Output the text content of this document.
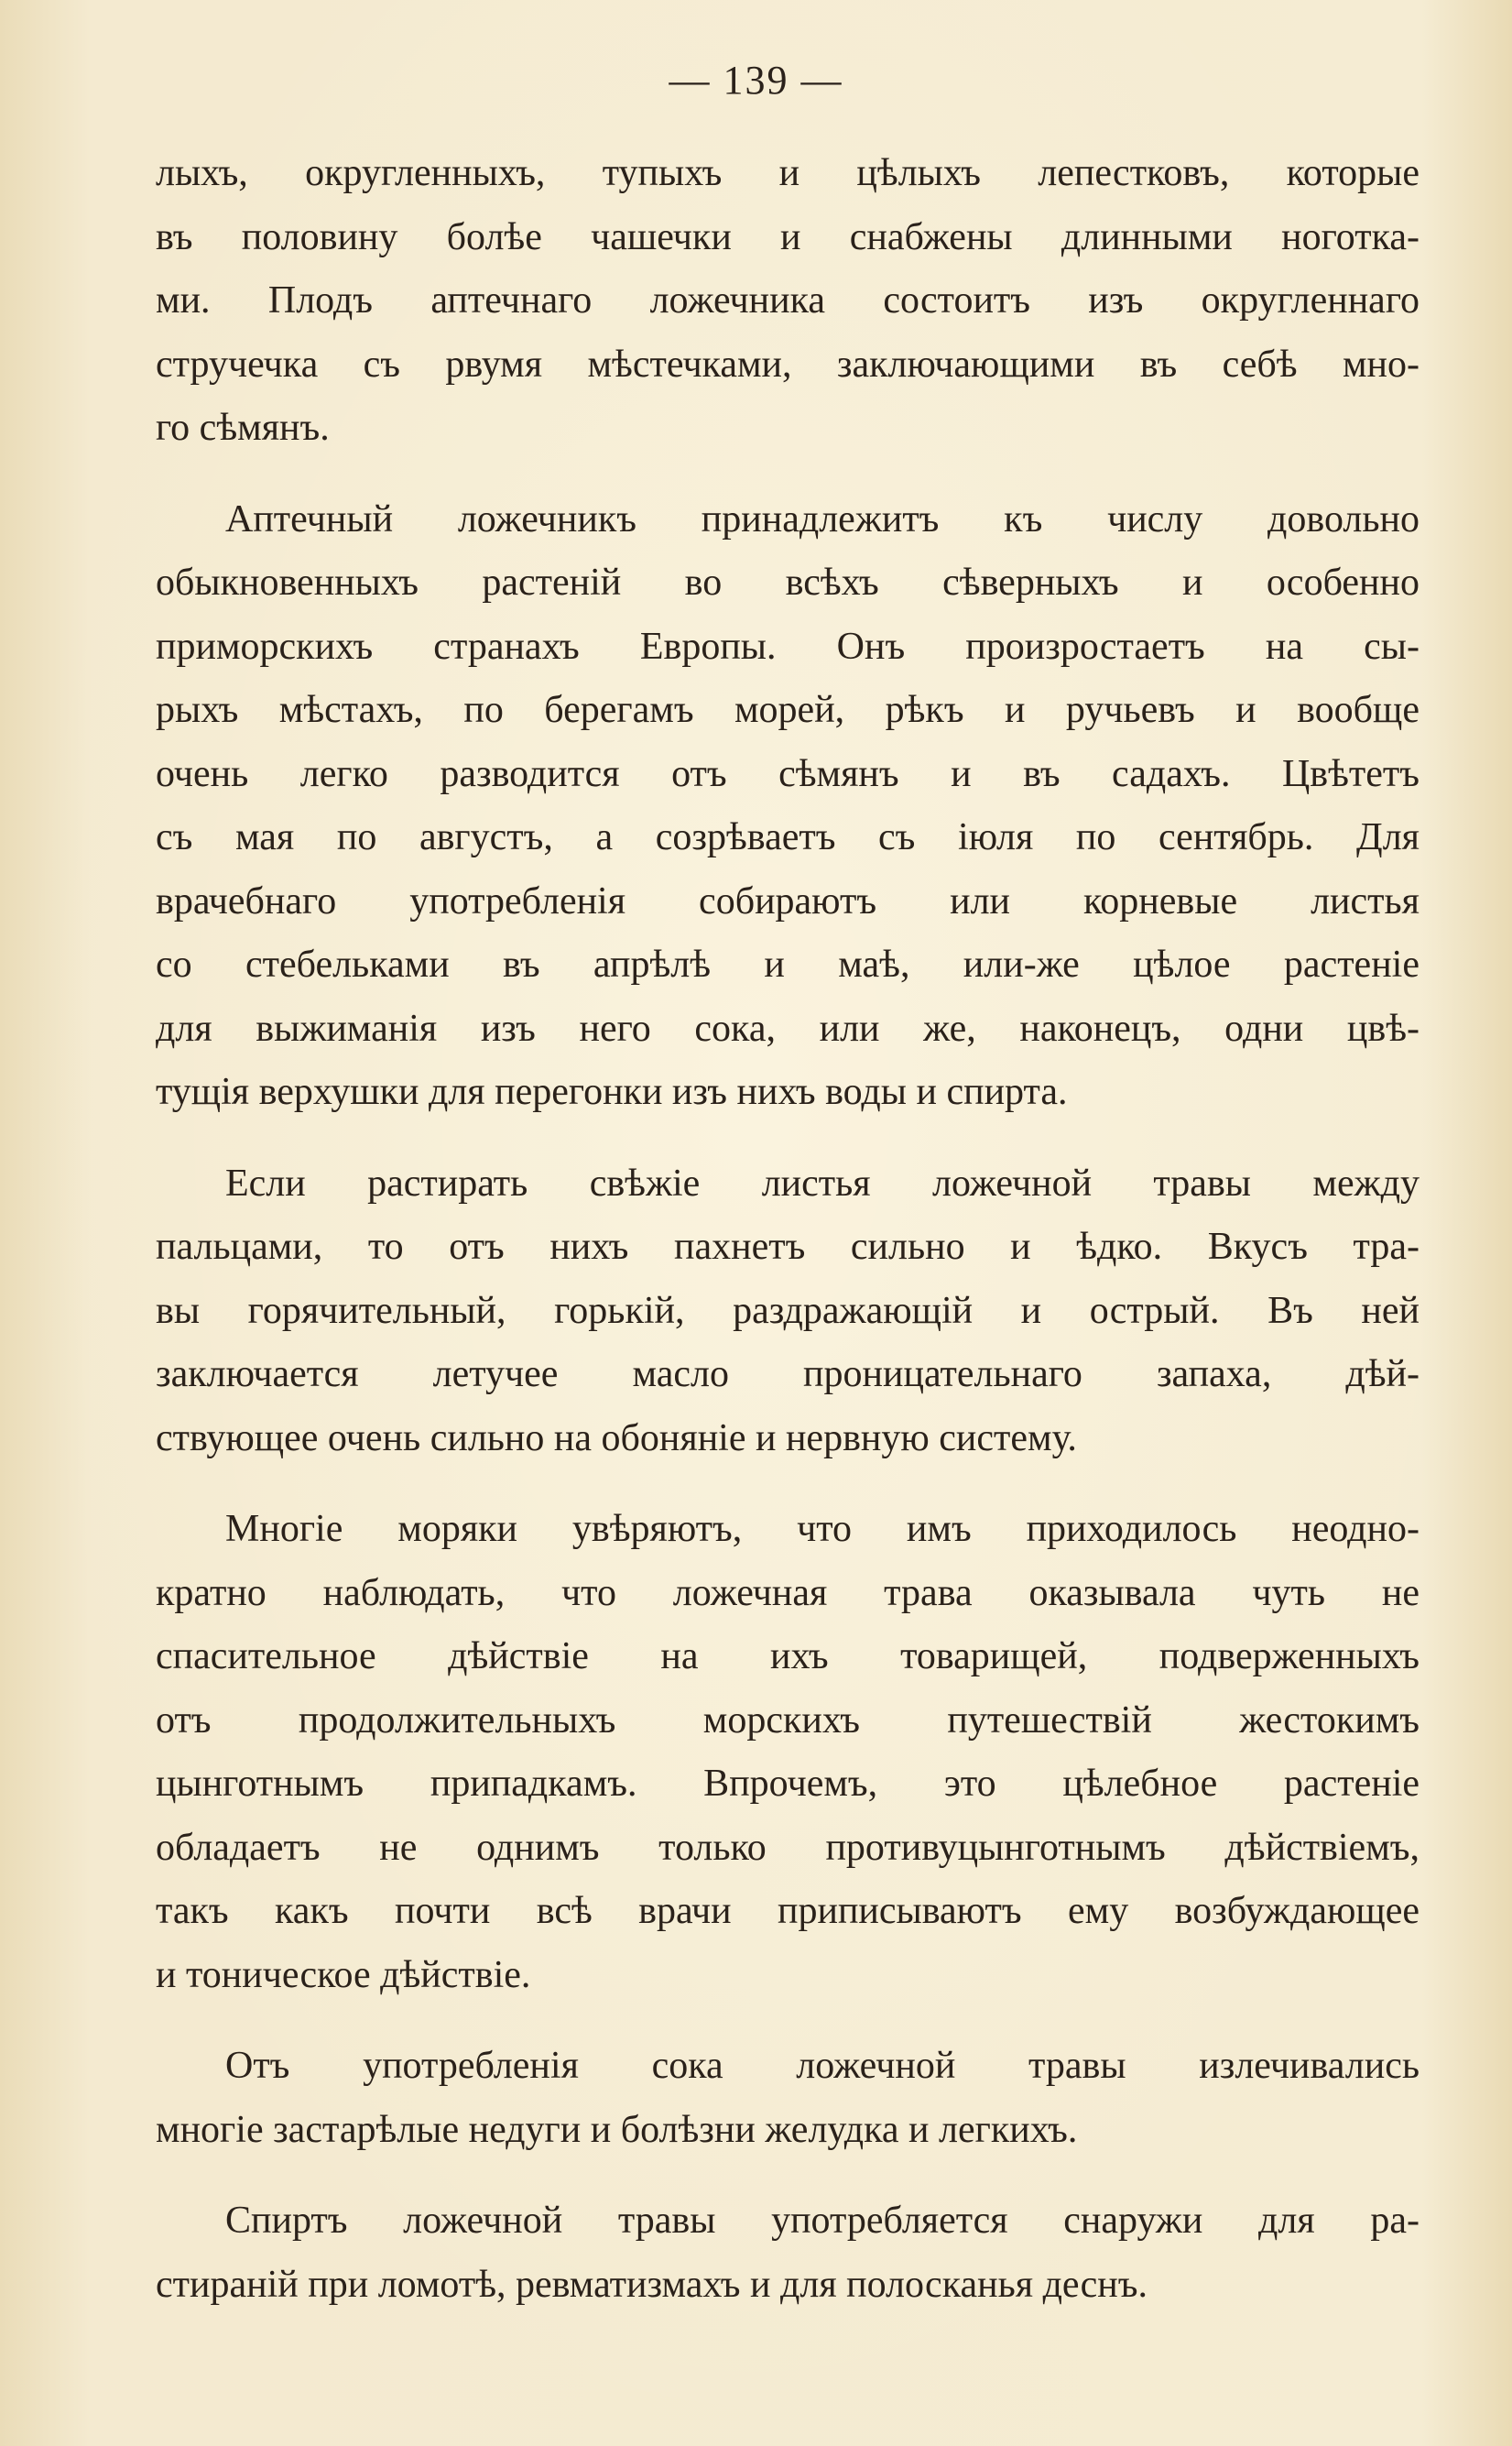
— 139 —
лыхъ, округленныхъ, тупыхъ и цѣлыхъ лепестковъ, которые
въ половину болѣе чашечки и снабжены длинными ноготка-
ми. Плодъ аптечнаго ложечника состоитъ изъ округленнаго
стручечка съ рвумя мѣстечками, заключающими въ себѣ мно-
го сѣмянъ.
Аптечный ложечникъ принадлежитъ къ числу довольно
обыкновенныхъ растенiй во всѣхъ сѣверныхъ и особенно
приморскихъ странахъ Европы. Онъ произростаетъ на сы-
рыхъ мѣстахъ, по берегамъ морей, рѣкъ и ручьевъ и вообще
очень легко разводится отъ сѣмянъ и въ садахъ. Цвѣтетъ
съ мая по августъ, а созрѣваетъ съ iюля по сентябрь. Для
врачебнаго употребленiя собираютъ или корневые листья
со стебельками въ апрѣлѣ и маѣ, или-же цѣлое растенiе
для выжиманiя изъ него сока, или же, наконецъ, одни цвѣ-
тущiя верхушки для перегонки изъ нихъ воды и спирта.
Если растирать свѣжiе листья ложечной травы между
пальцами, то отъ нихъ пахнетъ сильно и ѣдко. Вкусъ тра-
вы горячительный, горькiй, раздражающiй и острый. Въ ней
заключается летучее масло проницательнаго запаха, дѣй-
ствующее очень сильно на обонянiе и нервную систему.
Многiе моряки увѣряютъ, что имъ приходилось неодно-
кратно наблюдать, что ложечная трава оказывала чуть не
спасительное дѣйствiе на ихъ товарищей, подверженныхъ
отъ продолжительныхъ морскихъ путешествiй жестокимъ
цынготнымъ припадкамъ. Впрочемъ, это цѣлебное растенiе
обладаетъ не однимъ только противуцынготнымъ дѣйствiемъ,
такъ какъ почти всѣ врачи приписываютъ ему возбуждающее
и тоническое дѣйствiе.
Отъ употребленiя сока ложечной травы излечивались
многiе застарѣлые недуги и болѣзни желудка и легкихъ.
Спиртъ ложечной травы употребляется снаружи для ра-
стиранiй при ломотѣ, ревматизмахъ и для полосканья деснъ.
